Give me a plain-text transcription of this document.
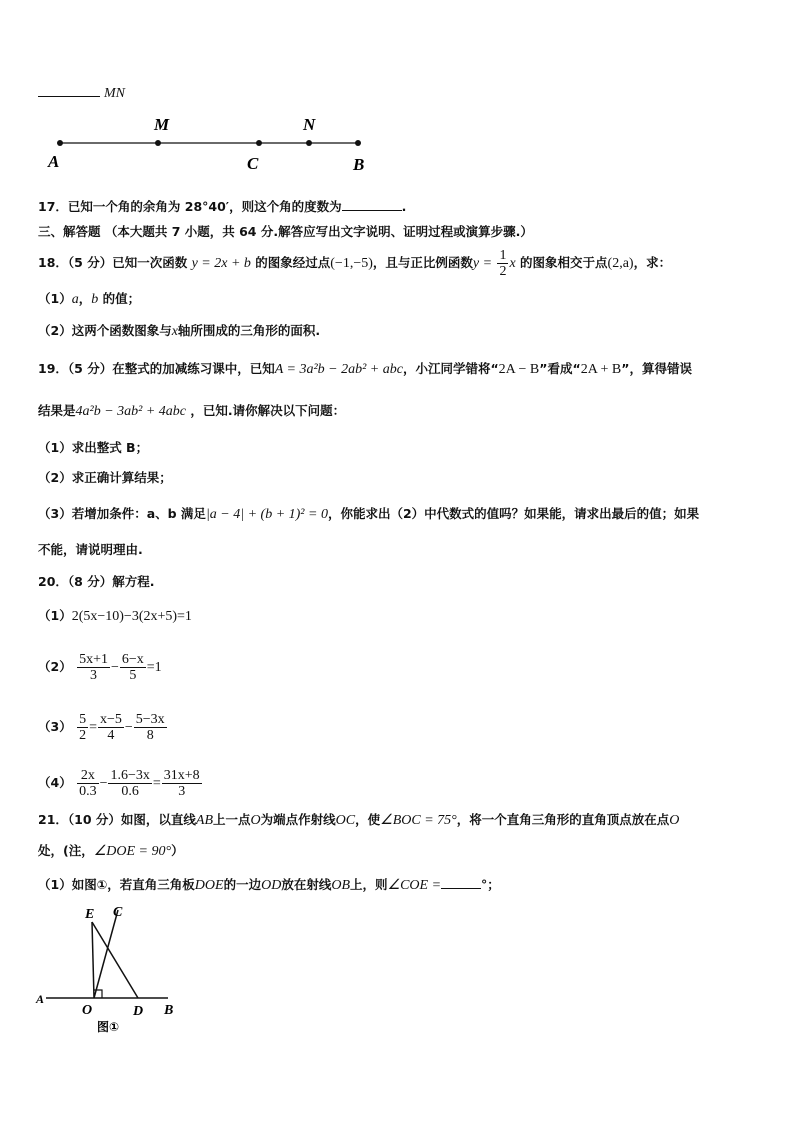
MN
A
M
C
N
B
17．已知一个角的余角为 28°40′，则这个角的度数为	.
三、解答题 （本大题共 7 小题，共 64 分.解答应写出文字说明、证明过程或演算步骤.）
18．（5 分）已知一次函数 y = 2x + b 的图象经过点(−1,−5)，且与正比例函数$y = \frac{1}{2}$ x 的图象相交于点(2,a)，求：
（1）a，b 的值；
（2）这两个函数图象与x轴所围成的三角形的面积.
19．（5 分）在整式的加减练习课中，已知A = 3a²b − 2ab² + abc，小江同学错将“2A − B”看成“2A + B”，算得错误
结果是4a²b − 3ab² + 4abc ，已知.请你解决以下问题：
（1）求出整式 B；
（2）求正确计算结果；
（3）若增加条件：a、b 满足|a − 4| + (b + 1)² = 0，你能求出（2）中代数式的值吗？如果能，请求出最后的值；如果
不能，请说明理由.
20．（8 分）解方程.
（1）2(5x−10)−3(2x+5)=1
$(2) \frac{5x+1}{3} - \frac{6-x}{5} =1$
$(3) \frac{5}{2} = \frac{x-5}{4} - \frac{5-3x}{8}$
$(4) \frac{2x}{0.3} - \frac{1.6-3x}{0.6} = \frac{31x+8}{3}$
21．（10 分）如图，以直线AB上一点O为端点作射线OC，使∠BOC = 75°，将一个直角三角形的直角顶点放在点O
处，(注，∠DOE = 90°）
（1）如图①，若直角三角板DOE的一边OD放在射线OB上，则∠COE =	°；
E C
A
O	D B
图①
